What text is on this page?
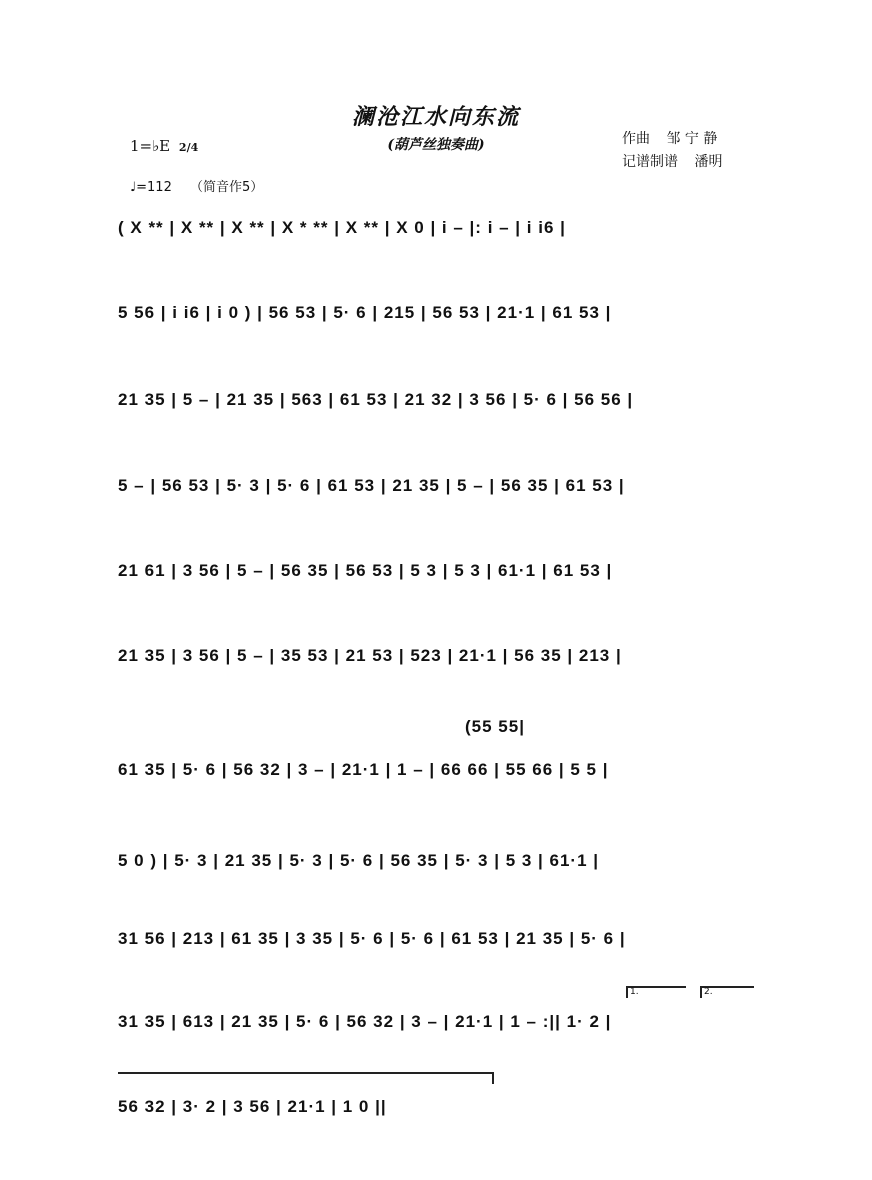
澜沧江水向东流
(葫芦丝独奏曲)	作曲 邹 宁 静
记谱制谱 潘明
1=♭E 2/4
♩=112 （简音作5）
( X ** | X ** | X ** | X * ** | X ** | X 0 | i – |: i – | i i6 |
5 56 | i i6 | i 0 ) | 56 53 | 5· 6 | 215 | 56 53 | 21·1 | 61 53 |
21 35 | 5 – | 21 35 | 563 | 61 53 | 21 32 | 3 56 | 5· 6 | 56 56 |
5 – | 56 53 | 5· 3 | 5· 6 | 61 53 | 21 35 | 5 – | 56 35 | 61 53 |
21 61 | 3 56 | 5 – | 56 35 | 56 53 | 5 3 | 5 3 | 61·1 | 61 53 |
21 35 | 3 56 | 5 – | 35 53 | 21 53 | 523 | 21·1 | 56 35 | 213 |
(55 55|
61 35 | 5· 6 | 56 32 | 3 – | 21·1 | 1 – | 66 66 | 55 66 | 5 5 |
5 0 ) | 5· 3 | 21 35 | 5· 3 | 5· 6 | 56 35 | 5· 3 | 5 3 | 61·1 |
31 56 | 213 | 61 35 | 3 35 | 5· 6 | 5· 6 | 61 53 | 21 35 | 5· 6 |
31 35 | 613 | 21 35 | 5· 6 | 56 32 | 3 – | 21·1 | 1 – :|| 1· 2 |
56 32 | 3· 2 | 3 56 | 21·1 | 1 0 ||
1.	2.
